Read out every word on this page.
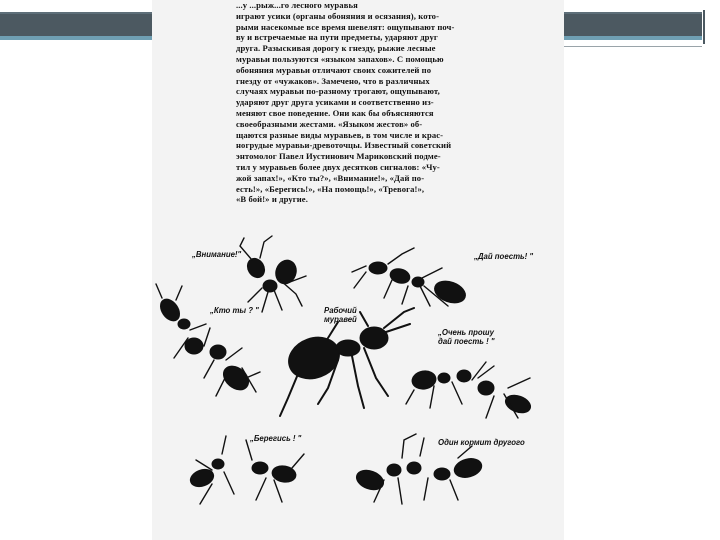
...у ...рыж...го лесного муравья
играют усики (органы обоняния и осязания), кото-
рыми насекомые все время шевелят: ощупывают поч-
ву и встречаемые на пути предметы, ударяют друг
друга. Разыскивая дорогу к гнезду, рыжие лесные
муравьи пользуются «языком запахов». С помощью
обоняния муравьи отличают своих сожителей по
гнезду от «чужаков». Замечено, что в различных
случаях муравьи по-разному трогают, ощупывают,
ударяют друг друга усиками и соответственно из-
меняют свое поведение. Они как бы объясняются
своеобразными жестами. «Языком жестов» об-
щаются разные виды муравьев, в том числе и крас-
ногрудые муравьи-древоточцы. Известный советский
энтомолог Павел Иустинович Мариковский подме-
тил у муравьев более двух десятков сигналов: «Чу-
жой запах!», «Кто ты?», «Внимание!», «Дай по-
есть!», «Берегись!», «На помощь!», «Тревога!»,
«В бой!» и другие.
„Внимание!"	„Дай поесть! "
„Кто ты ? "	Рабочий
муравей
„Очень прошу
дай поесть ! "
„Берегись ! "	Один кормит другого
